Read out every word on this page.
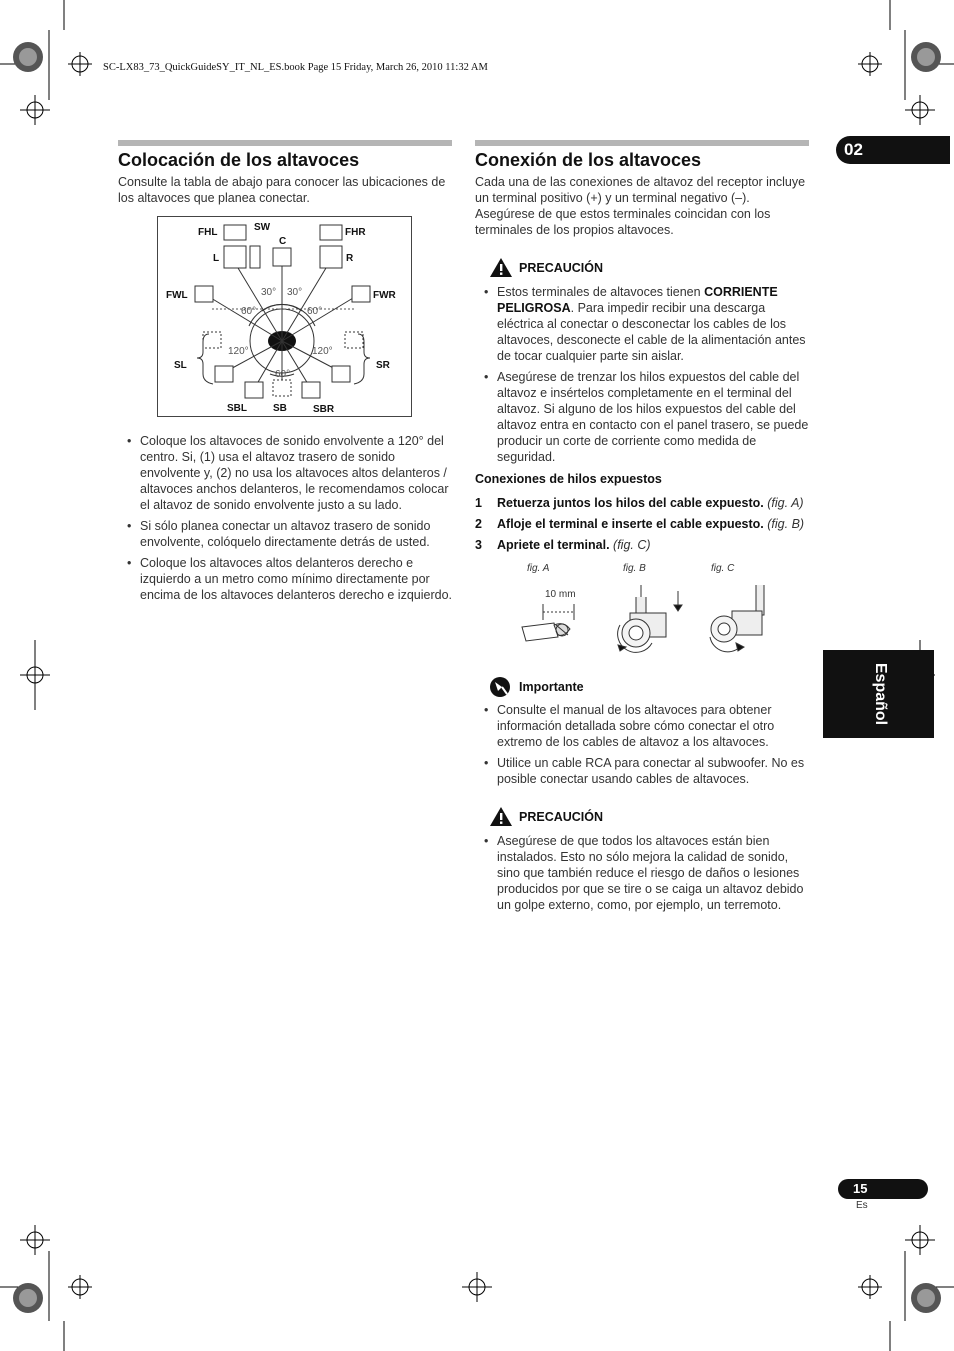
SC-LX83_73_QuickGuideSY_IT_NL_ES.book Page 15 Friday, March 26, 2010 11:32 AM
02
Español
15
Es
Colocación de los altavoces
Consulte la tabla de abajo para conocer las ubicaciones de los altavoces que planea conectar.
FHL	SW	FHR
C
L	R
FWL	FWR
SL	SR
SBL	SB	SBR
30° 30°
60°	60°
120°	120°
60°
• Coloque los altavoces de sonido envolvente a 120° del centro. Si, (1) usa el altavoz trasero de sonido envolvente y, (2) no usa los altavoces altos delanteros / altavoces anchos delanteros, le recomendamos colocar el altavoz de sonido envolvente justo a su lado.
• Si sólo planea conectar un altavoz trasero de sonido envolvente, colóquelo directamente detrás de usted.
• Coloque los altavoces altos delanteros derecho e izquierdo a un metro como mínimo directamente por encima de los altavoces delanteros derecho e izquierdo.
Conexión de los altavoces
Cada una de las conexiones de altavoz del receptor incluye un terminal positivo (+) y un terminal negativo (–). Asegúrese de que estos terminales coincidan con los terminales de los propios altavoces.
PRECAUCIÓN
• Estos terminales de altavoces tienen CORRIENTE PELIGROSA. Para impedir recibir una descarga eléctrica al conectar o desconectar los cables de los altavoces, desconecte el cable de la alimentación antes de tocar cualquier parte sin aislar.
• Asegúrese de trenzar los hilos expuestos del cable del altavoz e insértelos completamente en el terminal del altavoz. Si alguno de los hilos expuestos del cable del altavoz entra en contacto con el panel trasero, se puede producir un corte de corriente como medida de seguridad.
Conexiones de hilos expuestos
1	Retuerza juntos los hilos del cable expuesto. (fig. A)
2	Afloje el terminal e inserte el cable expuesto. (fig. B)
3	Apriete el terminal. (fig. C)
fig. A	fig. B	fig. C
10 mm
Importante
• Consulte el manual de los altavoces para obtener información detallada sobre cómo conectar el otro extremo de los cables de altavoz a los altavoces.
• Utilice un cable RCA para conectar al subwoofer. No es posible conectar usando cables de altavoces.
PRECAUCIÓN
• Asegúrese de que todos los altavoces están bien instalados. Esto no sólo mejora la calidad de sonido, sino que también reduce el riesgo de daños o lesiones producidos por que se tire o se caiga un altavoz debido un golpe externo, como, por ejemplo, un terremoto.
